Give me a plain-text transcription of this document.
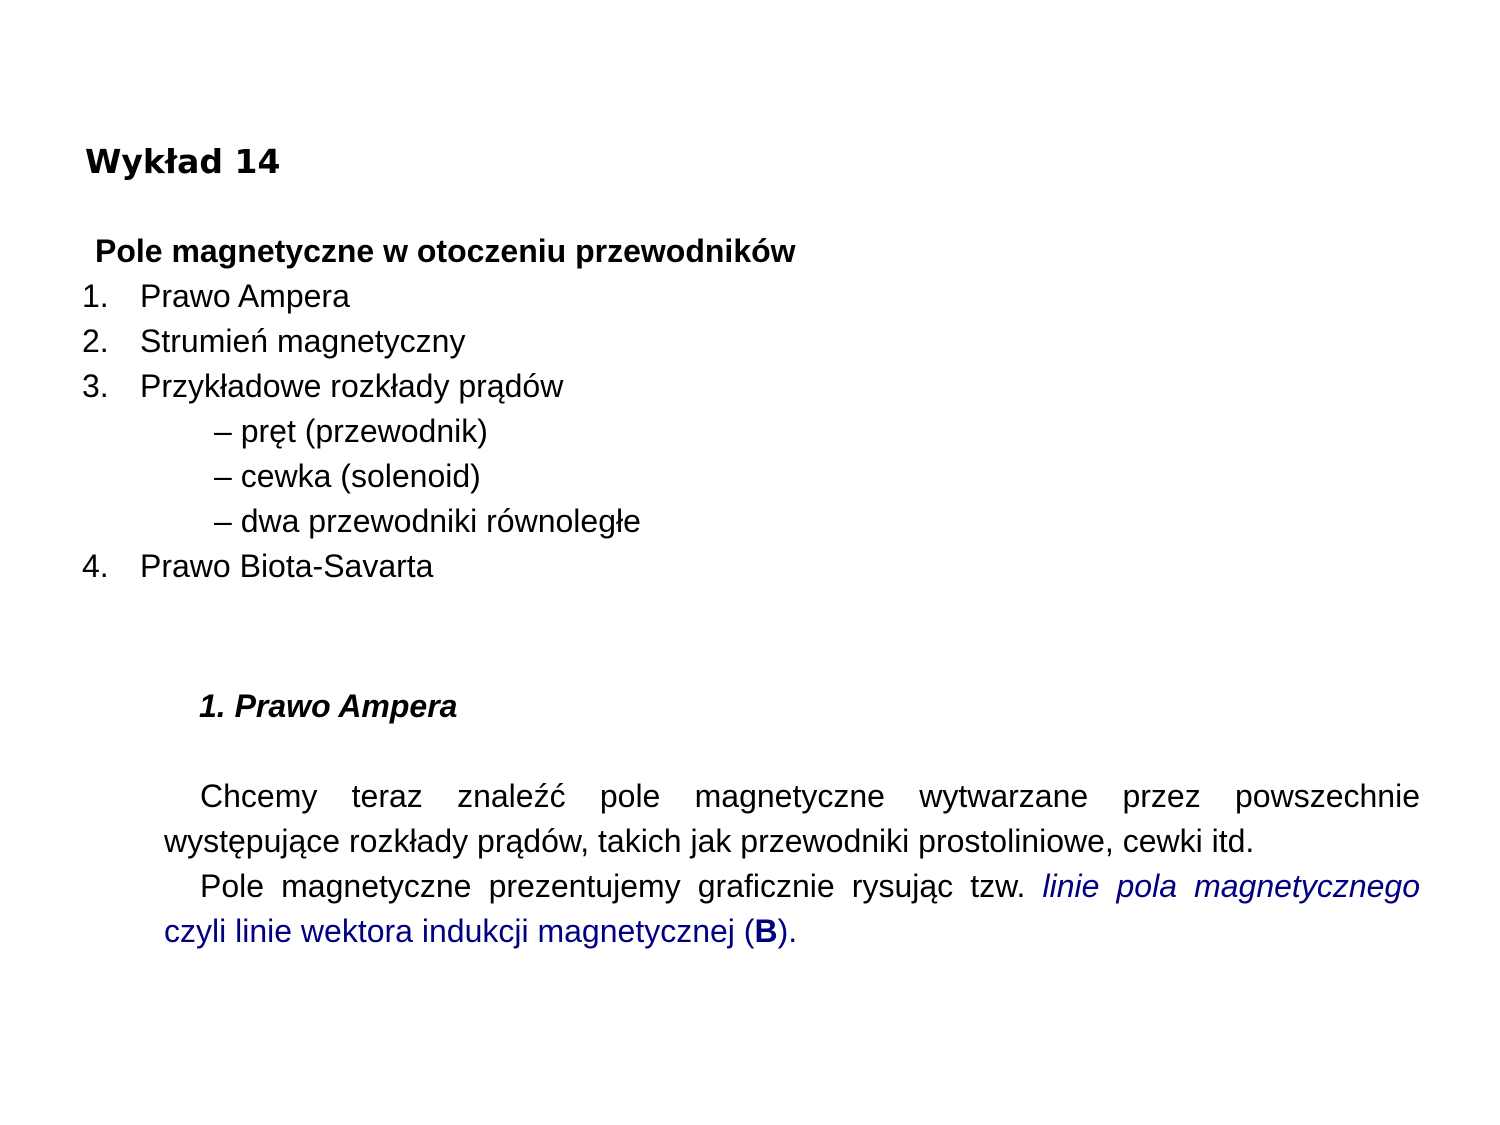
Wykład 14
Pole magnetyczne w otoczeniu przewodników
1. Prawo Ampera
2. Strumień magnetyczny
3. Przykładowe rozkłady prądów
– pręt (przewodnik)
– cewka (solenoid)
– dwa przewodniki równoległe
4. Prawo Biota-Savarta
1. Prawo Ampera

Chcemy teraz znaleźć pole magnetyczne wytwarzane przez powszechnie występujące rozkłady prądów, takich jak przewodniki prostoliniowe, cewki itd.

Pole magnetyczne prezentujemy graficznie rysując tzw. linie pola magnetycznego czyli linie wektora indukcji magnetycznej (B).
